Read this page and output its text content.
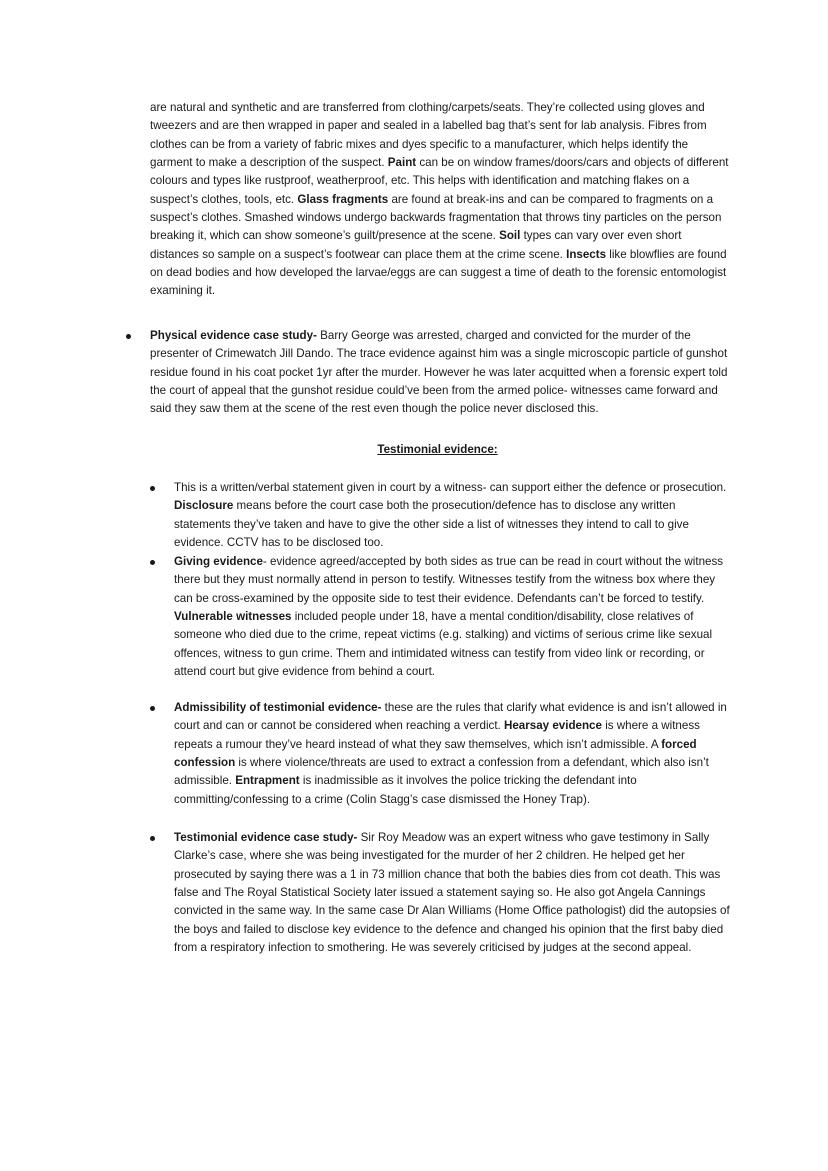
are natural and synthetic and are transferred from clothing/carpets/seats. They’re collected using gloves and tweezers and are then wrapped in paper and sealed in a labelled bag that’s sent for lab analysis. Fibres from clothes can be from a variety of fabric mixes and dyes specific to a manufacturer, which helps identify the garment to make a description of the suspect. Paint can be on window frames/doors/cars and objects of different colours and types like rustproof, weatherproof, etc. This helps with identification and matching flakes on a suspect’s clothes, tools, etc. Glass fragments are found at break-ins and can be compared to fragments on a suspect’s clothes. Smashed windows undergo backwards fragmentation that throws tiny particles on the person breaking it, which can show someone’s guilt/presence at the scene. Soil types can vary over even short distances so sample on a suspect’s footwear can place them at the crime scene. Insects like blowflies are found on dead bodies and how developed the larvae/eggs are can suggest a time of death to the forensic entomologist examining it.

Physical evidence case study- Barry George was arrested, charged and convicted for the murder of the presenter of Crimewatch Jill Dando. The trace evidence against him was a single microscopic particle of gunshot residue found in his coat pocket 1yr after the murder. However he was later acquitted when a forensic expert told the court of appeal that the gunshot residue could’ve been from the armed police- witnesses came forward and said they saw them at the scene of the rest even though the police never disclosed this.

Testimonial evidence:

This is a written/verbal statement given in court by a witness- can support either the defence or prosecution. Disclosure means before the court case both the prosecution/defence has to disclose any written statements they’ve taken and have to give the other side a list of witnesses they intend to call to give evidence. CCTV has to be disclosed too.

Giving evidence- evidence agreed/accepted by both sides as true can be read in court without the witness there but they must normally attend in person to testify. Witnesses testify from the witness box where they can be cross-examined by the opposite side to test their evidence. Defendants can’t be forced to testify. Vulnerable witnesses included people under 18, have a mental condition/disability, close relatives of someone who died due to the crime, repeat victims (e.g. stalking) and victims of serious crime like sexual offences, witness to gun crime. Them and intimidated witness can testify from video link or recording, or attend court but give evidence from behind a court.

Admissibility of testimonial evidence- these are the rules that clarify what evidence is and isn’t allowed in court and can or cannot be considered when reaching a verdict. Hearsay evidence is where a witness repeats a rumour they’ve heard instead of what they saw themselves, which isn’t admissible. A forced confession is where violence/threats are used to extract a confession from a defendant, which also isn’t admissible. Entrapment is inadmissible as it involves the police tricking the defendant into committing/confessing to a crime (Colin Stagg’s case dismissed the Honey Trap).

Testimonial evidence case study- Sir Roy Meadow was an expert witness who gave testimony in Sally Clarke’s case, where she was being investigated for the murder of her 2 children. He helped get her prosecuted by saying there was a 1 in 73 million chance that both the babies dies from cot death. This was false and The Royal Statistical Society later issued a statement saying so. He also got Angela Cannings convicted in the same way. In the same case Dr Alan Williams (Home Office pathologist) did the autopsies of the boys and failed to disclose key evidence to the defence and changed his opinion that the first baby died from a respiratory infection to smothering. He was severely criticised by judges at the second appeal.
